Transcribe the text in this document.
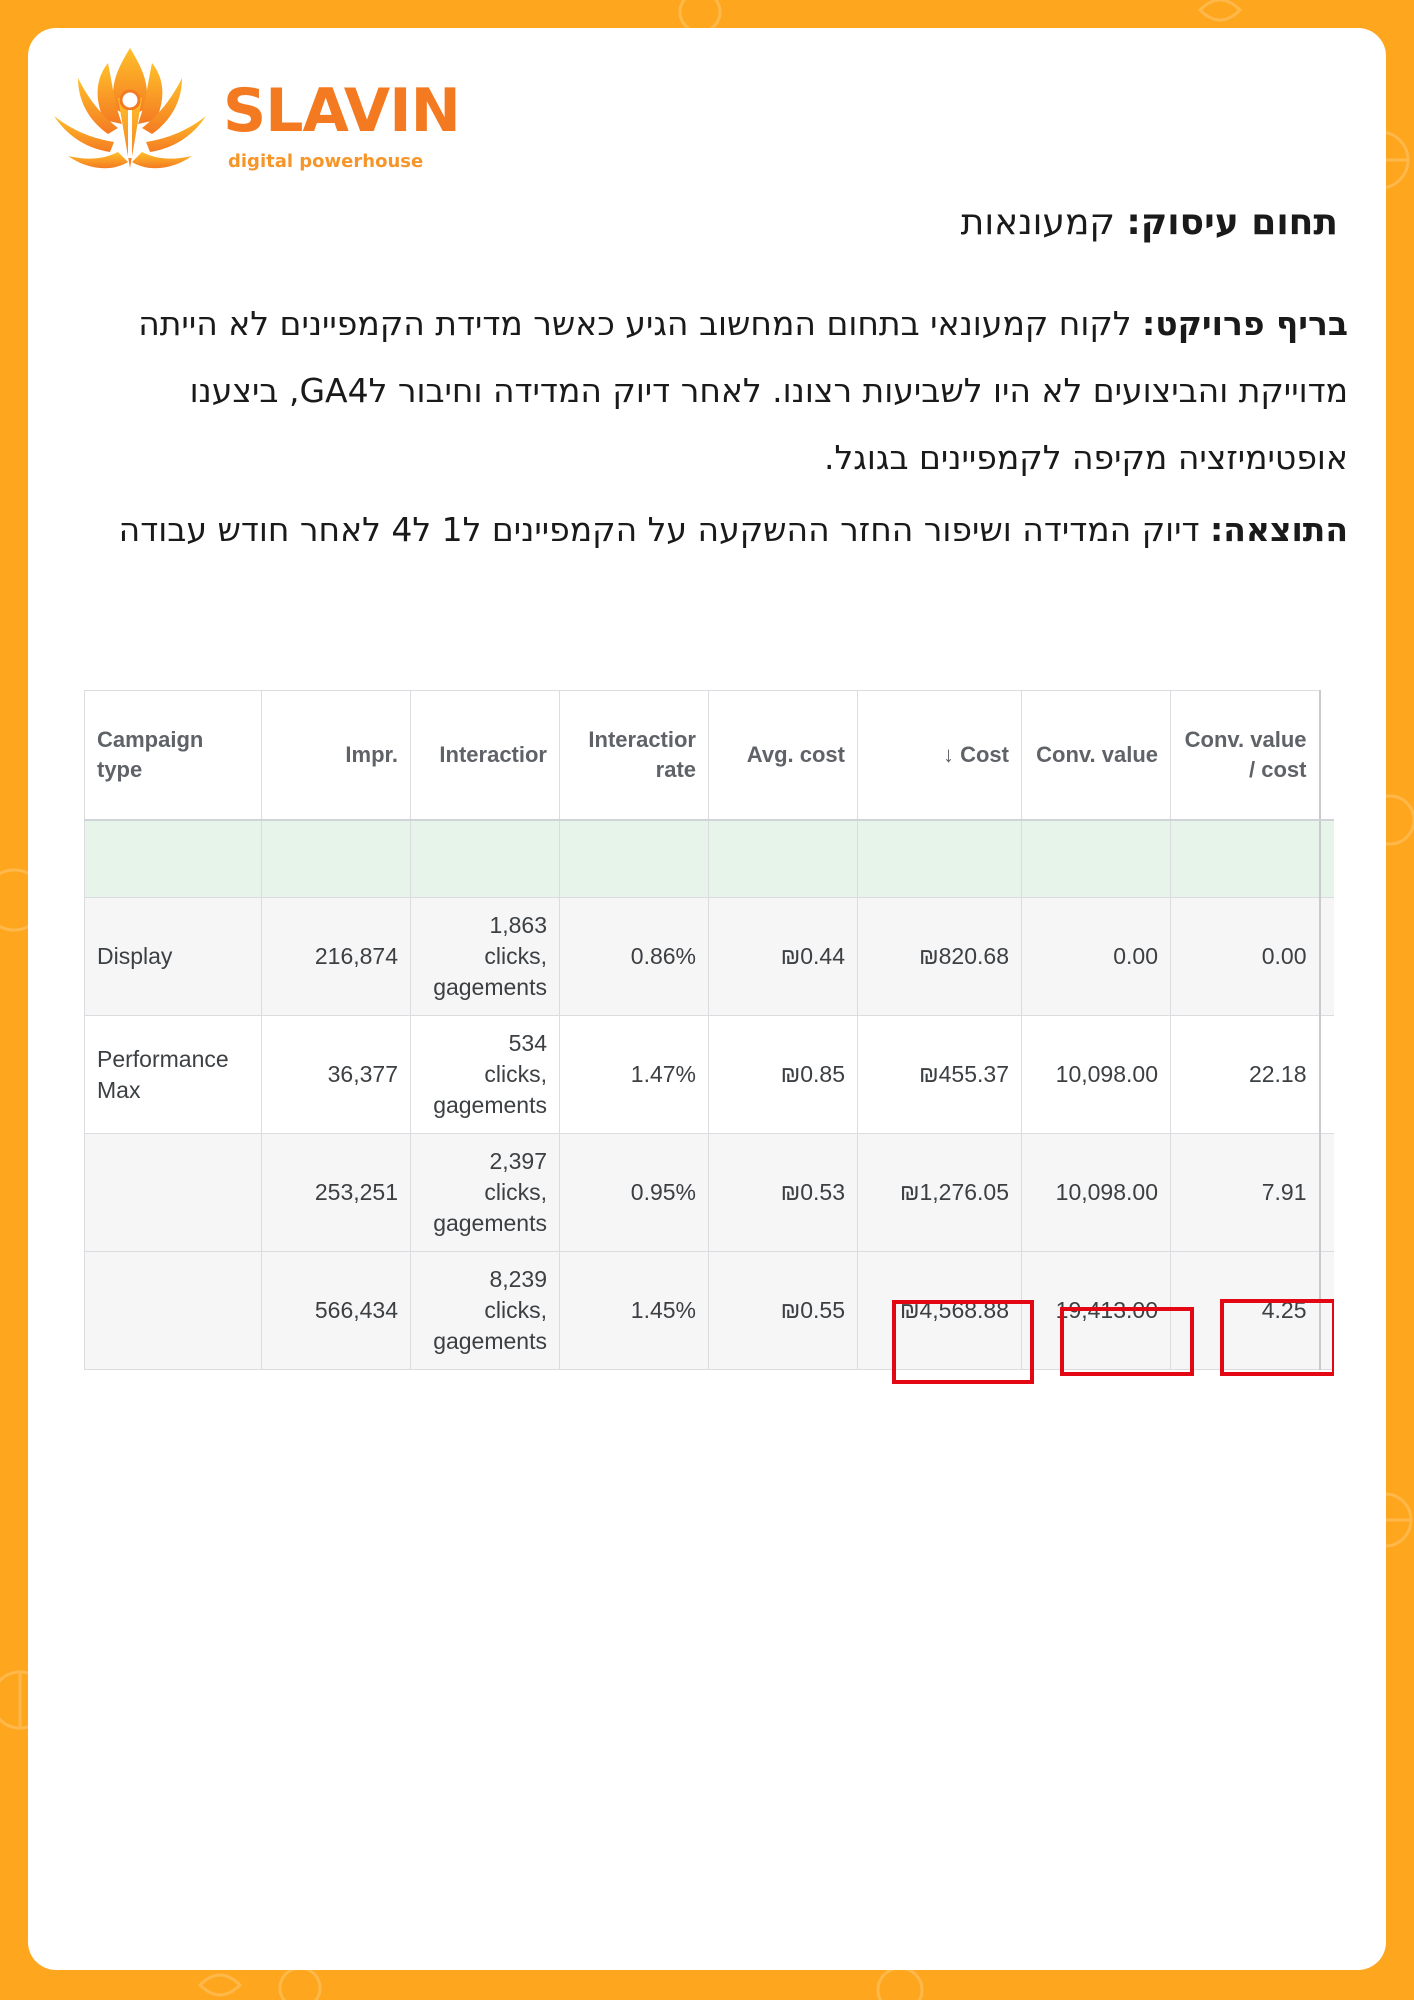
SLAVIN

digital powerhouse

תחום עיסוק: קמעונאות

בריף פרויקט: לקוח קמעונאי בתחום המחשוב הגיע כאשר מדידת הקמפיינים לא הייתה מדוייקת והביצועים לא היו לשביעות רצונו. לאחר דיוק המדידה וחיבור לGA4, ביצענו אופטימיזציה מקיפה לקמפיינים בגוגל.

התוצאה: דיוק המדידה ושיפור החזר ההשקעה על הקמפיינים ל1 ל4 לאחר חודש עבודה

Campaign type	Impr.	Interactior	Interactior rate	Avg. cost	↓ Cost	Conv. value	Conv. value / cost	

Display	216,874	1,863
clicks,
gagements	0.86%	₪0.44	₪820.68	0.00	0.00	
Performance Max	36,377	534
clicks,
gagements	1.47%	₪0.85	₪455.37	10,098.00	22.18	
	253,251	2,397
clicks,
gagements	0.95%	₪0.53	₪1,276.05	10,098.00	7.91	
	566,434	8,239
clicks,
gagements	1.45%	₪0.55	₪4,568.88	19,413.00	4.25	
